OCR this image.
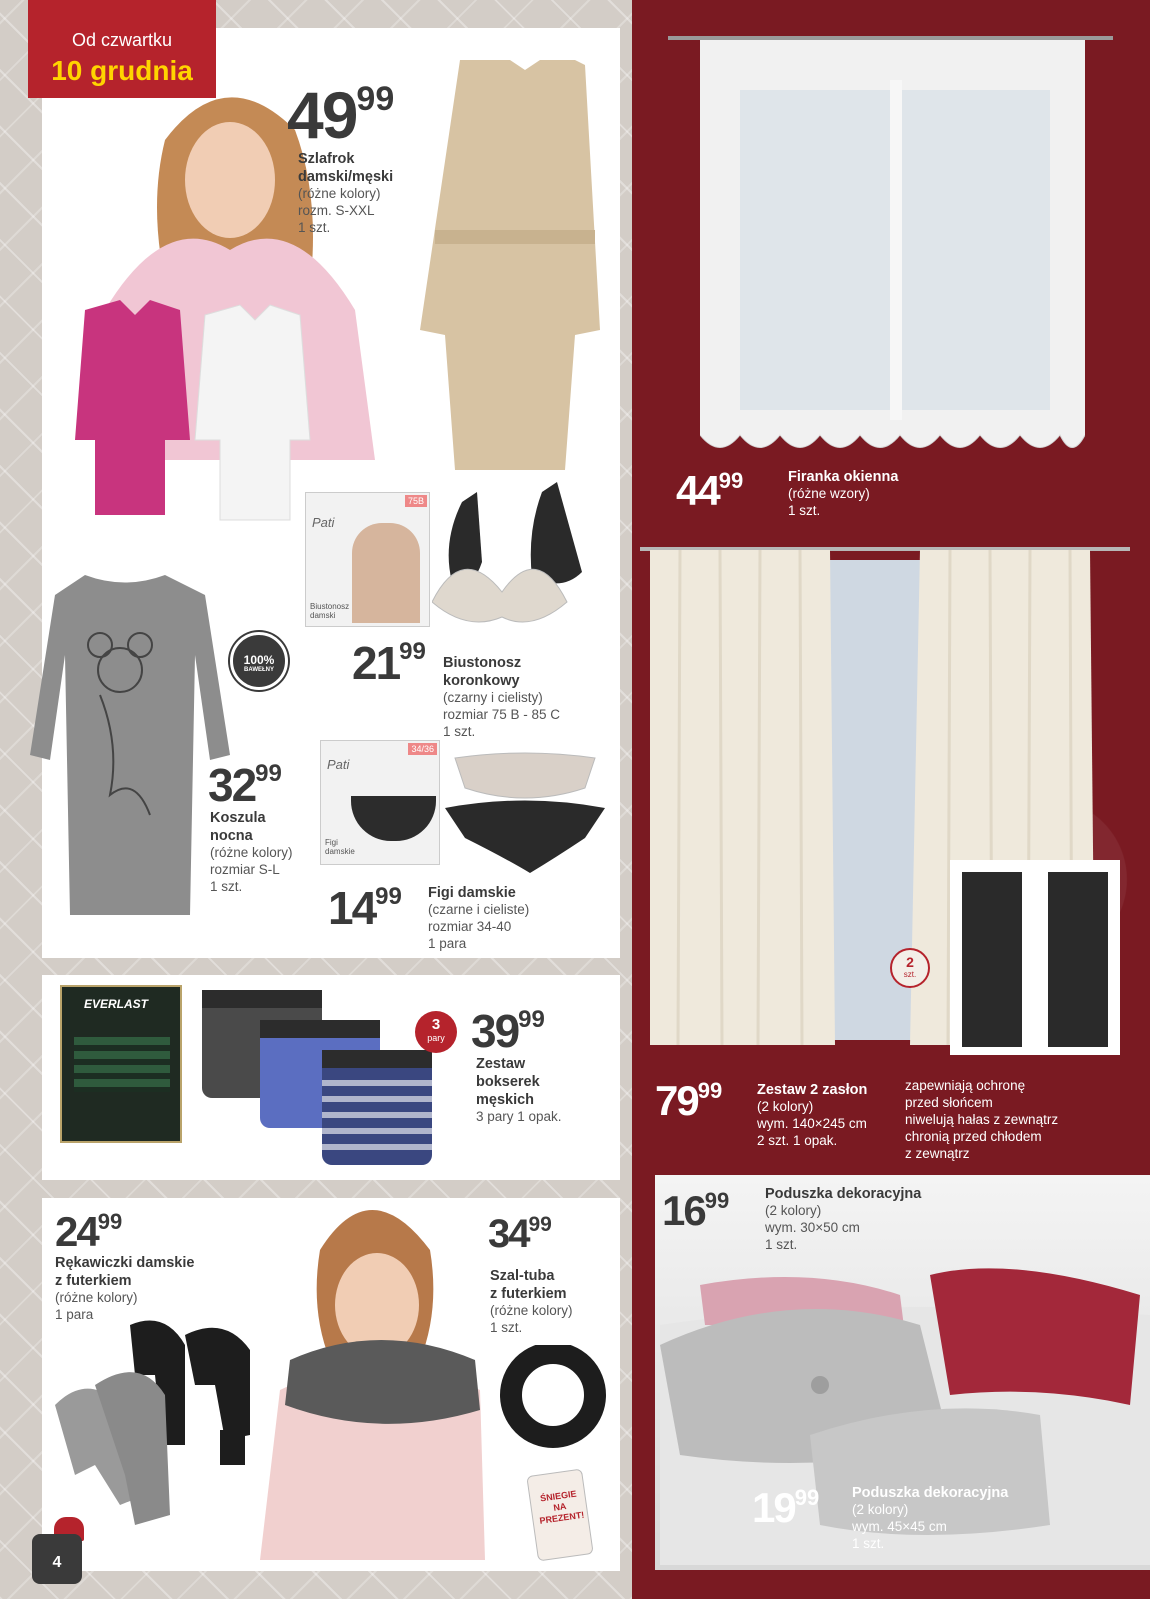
Od czwartku
10 grudnia
4999
Szlafrok
damski/męski
(różne kolory)
rozm. S-XXL
1 szt.
Pati
75B
Biustonosz damski
2199 Biustonosz
koronkowy
(czarny i cielisty)
rozmiar 75 B - 85 C
1 szt.
100%
BAWEŁNY
3299
Koszula
nocna
(różne kolory)
rozmiar S-L
1 szt.
Pati
34/36
Figi damskie
1499 Figi damskie
(czarne i cieliste)
rozmiar 34-40
1 para
EVERLAST
3
pary 3999
Zestaw
bokserek
męskich
3 pary 1 opak.
2499
Rękawiczki damskie
z futerkiem
(różne kolory)
1 para
3499
Szal-tuba
z futerkiem
(różne kolory)
1 szt.
ŚNIEGIE NA PREZENT!
4499	Firanka okienna
(różne wzory)
1 szt.
2
szt.
7999 Zestaw 2 zasłon
(2 kolory)
wym. 140×245 cm
2 szt. 1 opak.
zapewniają ochronę
przed słońcem
niwelują hałas z zewnątrz
chronią przed chłodem
z zewnątrz
1699 Poduszka dekoracyjna
(2 kolory)
wym. 30×50 cm
1 szt.
1999 Poduszka dekoracyjna
(2 kolory)
wym. 45×45 cm
1 szt.
4
